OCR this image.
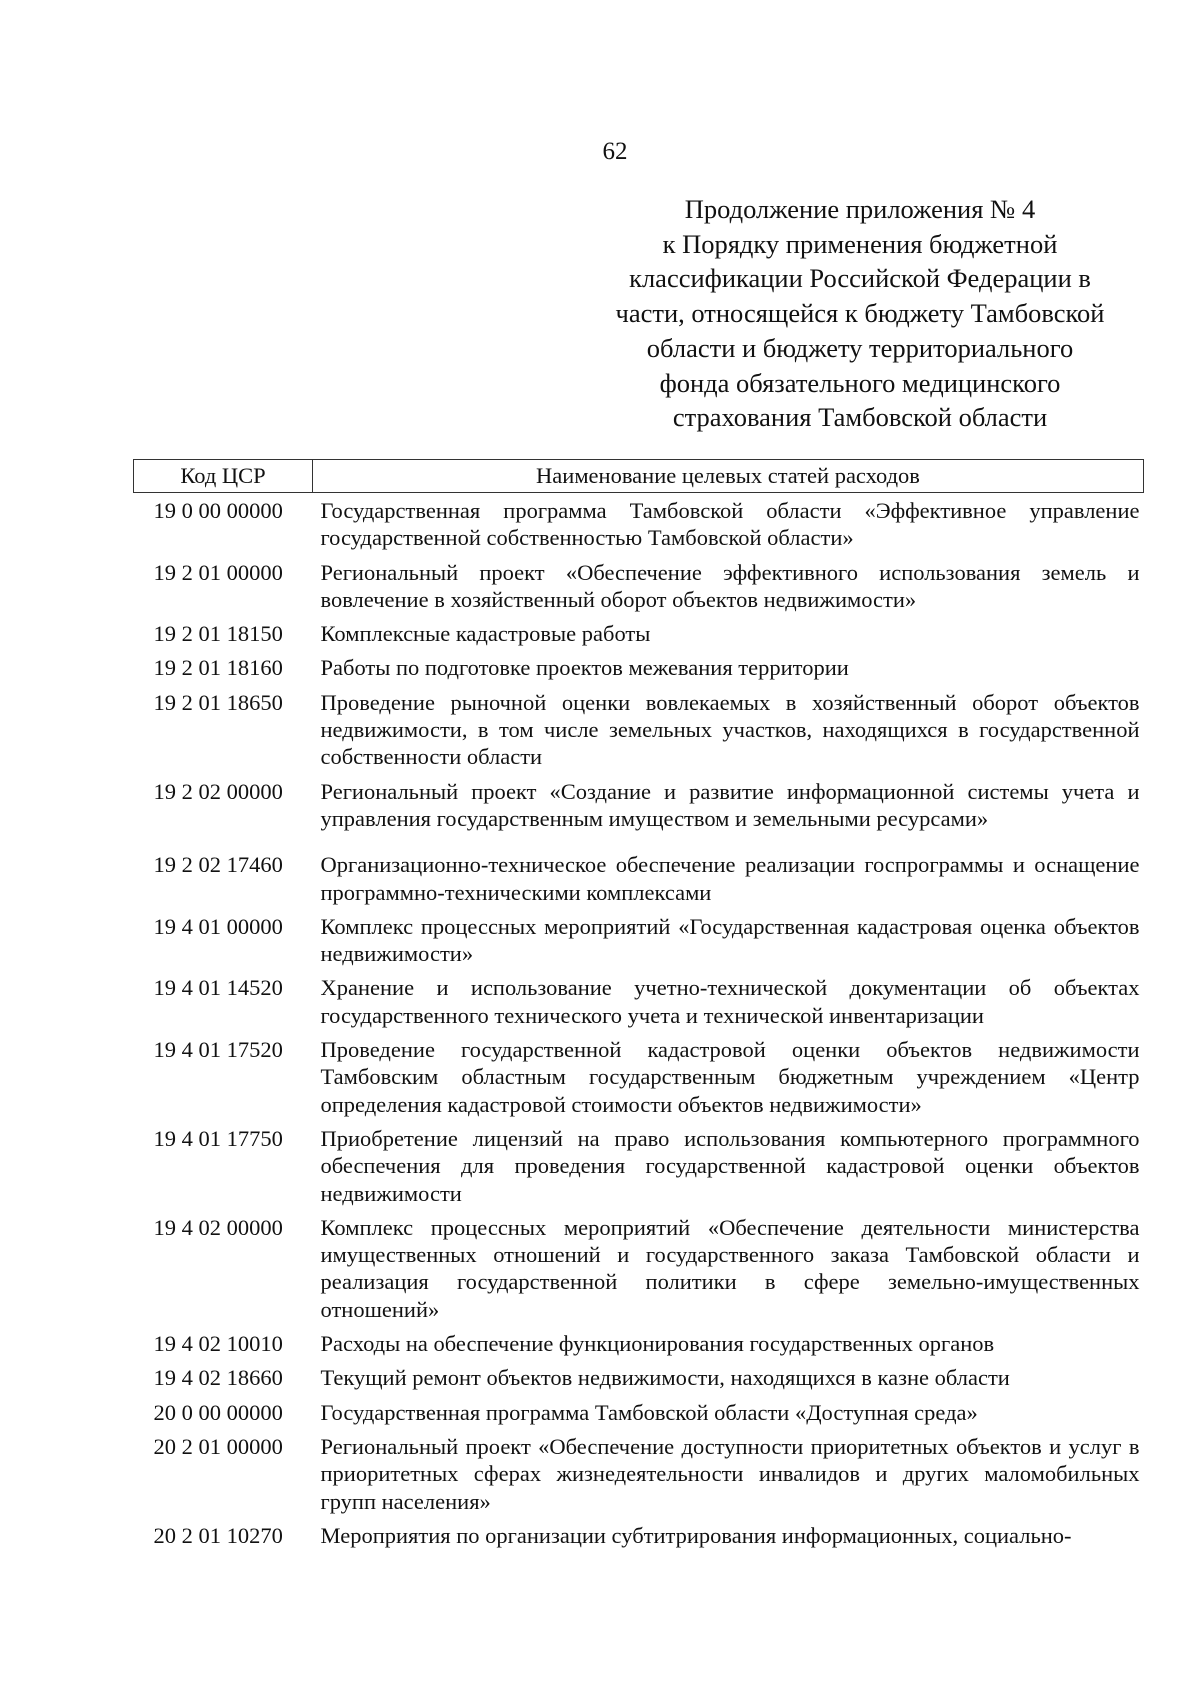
62
Продолжение приложения № 4
к Порядку применения бюджетной
классификации Российской Федерации в
части, относящейся к бюджету Тамбовской
области и бюджету территориального
фонда обязательного медицинского
страхования Тамбовской области
Код ЦСР	Наименование целевых статей расходов
19 0 00 00000	Государственная программа Тамбовской области «Эффективное управление государственной собственностью Тамбовской области»
19 2 01 00000	Региональный проект «Обеспечение эффективного использования земель и вовлечение в хозяйственный оборот объектов недвижимости»
19 2 01 18150	Комплексные кадастровые работы
19 2 01 18160	Работы по подготовке проектов межевания территории
19 2 01 18650	Проведение рыночной оценки вовлекаемых в хозяйственный оборот объектов недвижимости, в том числе земельных участков, находящихся в государственной собственности области
19 2 02 00000	Региональный проект «Создание и развитие информационной системы учета и управления государственным имуществом и земельными ресурсами»
19 2 02 17460	Организационно-техническое обеспечение реализации госпрограммы и оснащение программно-техническими комплексами
19 4 01 00000	Комплекс процессных мероприятий «Государственная кадастровая оценка объектов недвижимости»
19 4 01 14520	Хранение и использование учетно-технической документации об объектах государственного технического учета и технической инвентаризации
19 4 01 17520	Проведение государственной кадастровой оценки объектов недвижимости Тамбовским областным государственным бюджетным учреждением «Центр определения кадастровой стоимости объектов недвижимости»
19 4 01 17750	Приобретение лицензий на право использования компьютерного программного обеспечения для проведения государственной кадастровой оценки объектов недвижимости
19 4 02 00000	Комплекс процессных мероприятий «Обеспечение деятельности министерства имущественных отношений и государственного заказа Тамбовской области и реализация государственной политики в сфере земельно-имущественных отношений»
19 4 02 10010	Расходы на обеспечение функционирования государственных органов
19 4 02 18660	Текущий ремонт объектов недвижимости, находящихся в казне области
20 0 00 00000	Государственная программа Тамбовской области «Доступная среда»
20 2 01 00000	Региональный проект «Обеспечение доступности приоритетных объектов и услуг в приоритетных сферах жизнедеятельности инвалидов и других маломобильных групп населения»
20 2 01 10270	Мероприятия по организации субтитрирования информационных, социально-
